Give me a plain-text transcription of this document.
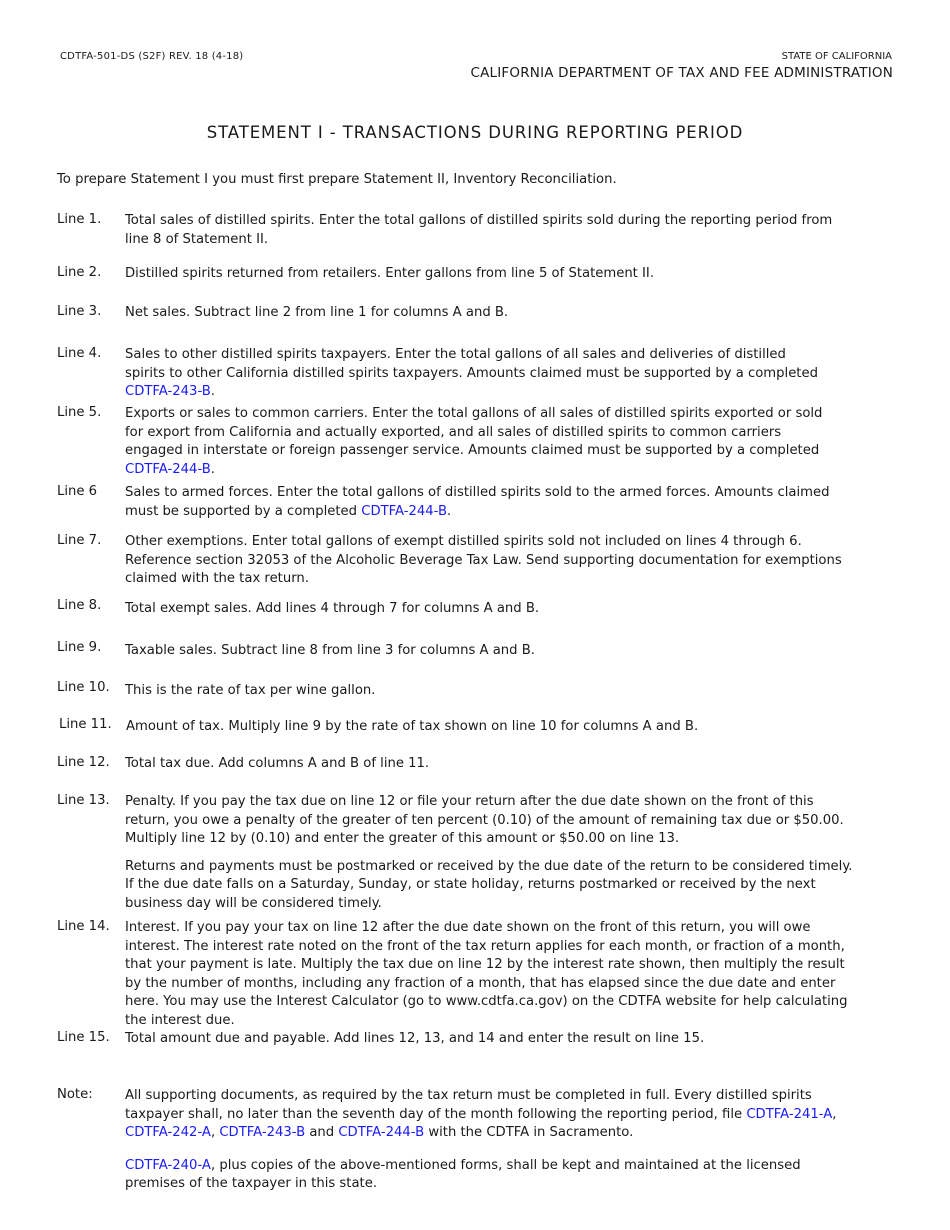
CDTFA-501-DS (S2F) REV. 18 (4-18)	STATE OF CALIFORNIA
CALIFORNIA DEPARTMENT OF TAX AND FEE ADMINISTRATION
STATEMENT I - TRANSACTIONS DURING REPORTING PERIOD
To prepare Statement I you must first prepare Statement II, Inventory Reconciliation.
Line 1. Total sales of distilled spirits. Enter the total gallons of distilled spirits sold during the reporting period from line 8 of Statement II.
Line 2. Distilled spirits returned from retailers. Enter gallons from line 5 of Statement II.
Line 3. Net sales. Subtract line 2 from line 1 for columns A and B.
Line 4. Sales to other distilled spirits taxpayers. Enter the total gallons of all sales and deliveries of distilled spirits to other California distilled spirits taxpayers. Amounts claimed must be supported by a completed CDTFA-243-B.
Line 5. Exports or sales to common carriers. Enter the total gallons of all sales of distilled spirits exported or sold for export from California and actually exported, and all sales of distilled spirits to common carriers engaged in interstate or foreign passenger service. Amounts claimed must be supported by a completed CDTFA-244-B.
Line 6 Sales to armed forces. Enter the total gallons of distilled spirits sold to the armed forces. Amounts claimed must be supported by a completed CDTFA-244-B.
Line 7. Other exemptions. Enter total gallons of exempt distilled spirits sold not included on lines 4 through 6. Reference section 32053 of the Alcoholic Beverage Tax Law. Send supporting documentation for exemptions claimed with the tax return.
Line 8. Total exempt sales. Add lines 4 through 7 for columns A and B.
Line 9. Taxable sales. Subtract line 8 from line 3 for columns A and B.
Line 10. This is the rate of tax per wine gallon.
Line 11. Amount of tax. Multiply line 9 by the rate of tax shown on line 10 for columns A and B.
Line 12. Total tax due. Add columns A and B of line 11.
Line 13. Penalty. If you pay the tax due on line 12 or file your return after the due date shown on the front of this return, you owe a penalty of the greater of ten percent (0.10) of the amount of remaining tax due or $50.00. Multiply line 12 by (0.10) and enter the greater of this amount or $50.00 on line 13.

Returns and payments must be postmarked or received by the due date of the return to be considered timely. If the due date falls on a Saturday, Sunday, or state holiday, returns postmarked or received by the next business day will be considered timely.

Line 14. Interest. If you pay your tax on line 12 after the due date shown on the front of this return, you will owe interest. The interest rate noted on the front of the tax return applies for each month, or fraction of a month, that your payment is late. Multiply the tax due on line 12 by the interest rate shown, then multiply the result by the number of months, including any fraction of a month, that has elapsed since the due date and enter here. You may use the Interest Calculator (go to www.cdtfa.ca.gov) on the CDTFA website for help calculating the interest due.
Line 15. Total amount due and payable. Add lines 12, 13, and 14 and enter the result on line 15.
Note: All supporting documents, as required by the tax return must be completed in full. Every distilled spirits taxpayer shall, no later than the seventh day of the month following the reporting period, file CDTFA-241-A, CDTFA-242-A, CDTFA-243-B and CDTFA-244-B with the CDTFA in Sacramento.

CDTFA-240-A, plus copies of the above-mentioned forms, shall be kept and maintained at the licensed premises of the taxpayer in this state.
